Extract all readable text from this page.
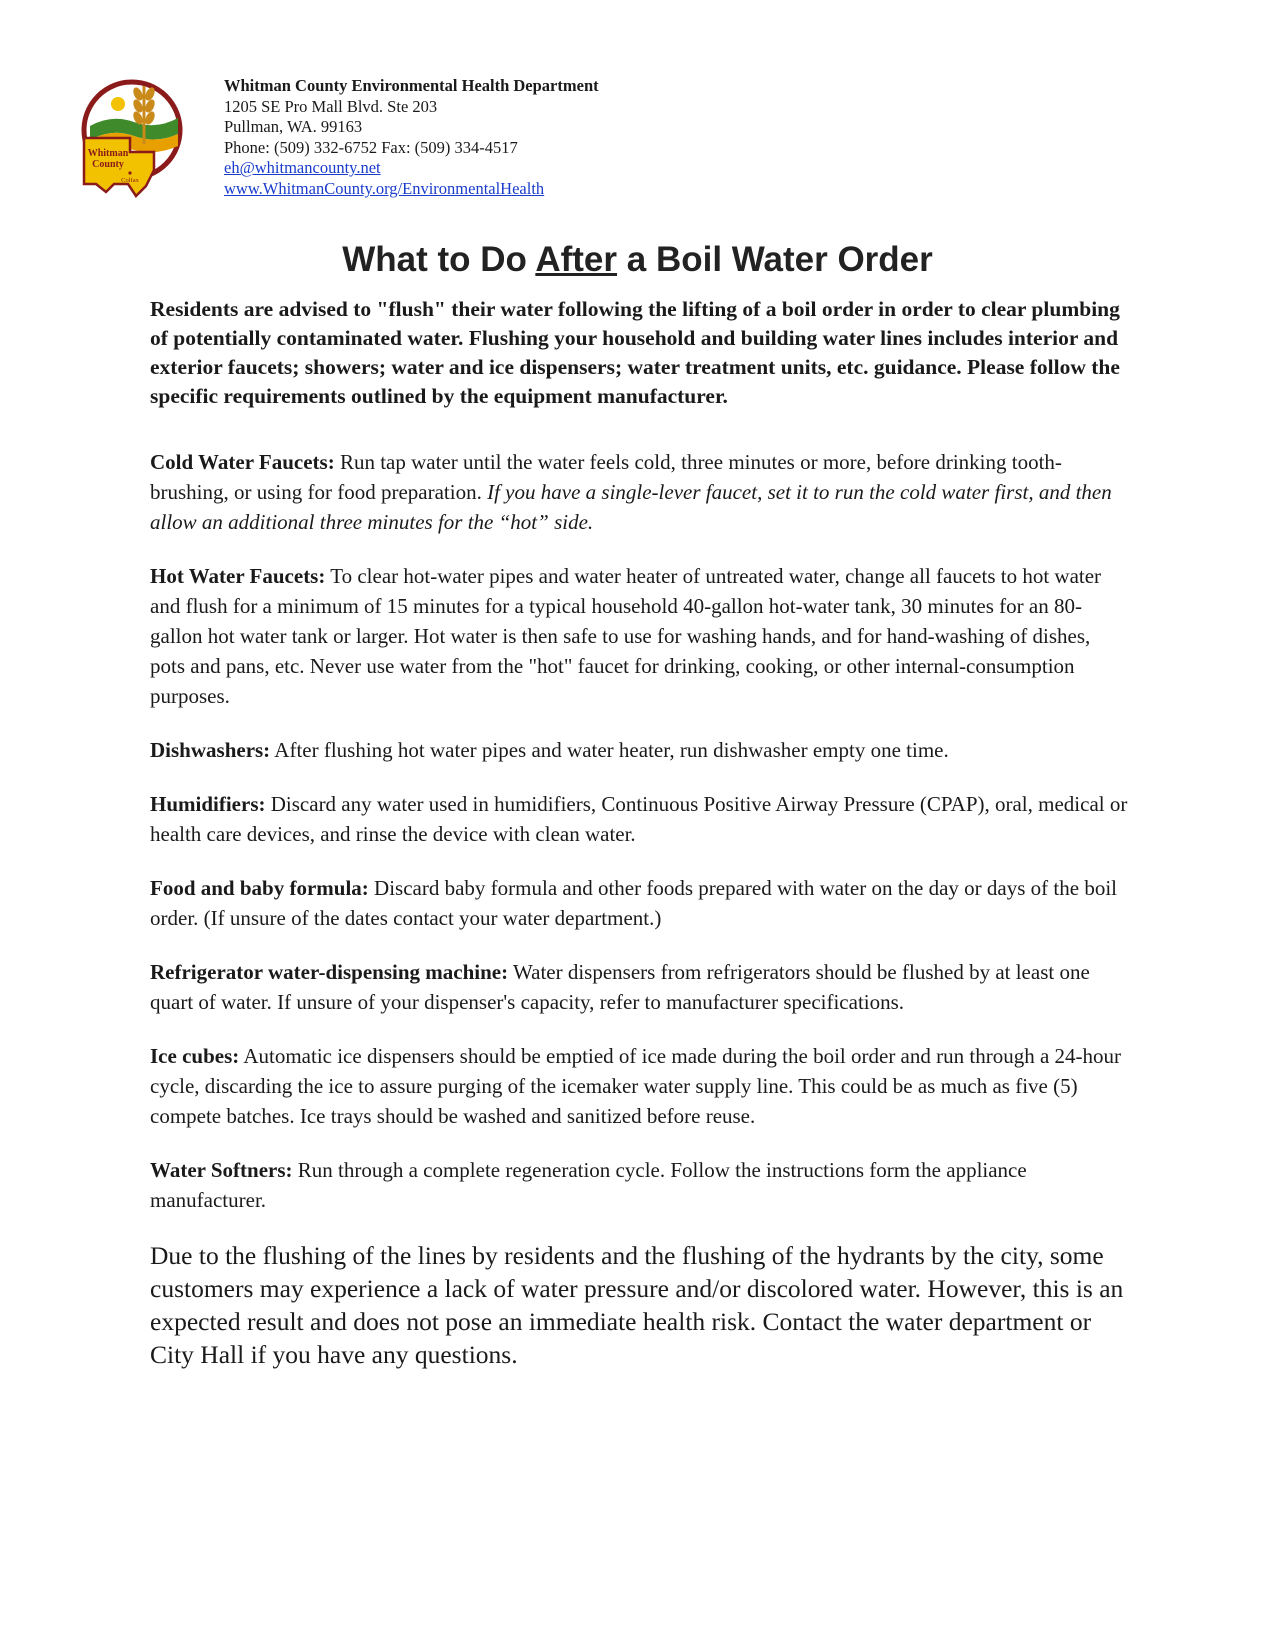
Whitman
County
Colfax
Whitman County Environmental Health Department
1205 SE Pro Mall Blvd. Ste 203
Pullman, WA. 99163
Phone: (509) 332-6752 Fax: (509) 334-4517
eh@whitmancounty.net
www.WhitmanCounty.org/EnvironmentalHealth
What to Do After a Boil Water Order

Residents are advised to "flush" their water following the lifting of a boil order in order to clear plumbing of potentially contaminated water. Flushing your household and building water lines includes interior and exterior faucets; showers; water and ice dispensers; water treatment units, etc. guidance. Please follow the specific requirements outlined by the equipment manufacturer.

Cold Water Faucets: Run tap water until the water feels cold, three minutes or more, before drinking tooth-brushing, or using for food preparation. If you have a single-lever faucet, set it to run the cold water first, and then allow an additional three minutes for the “hot” side.

Hot Water Faucets: To clear hot-water pipes and water heater of untreated water, change all faucets to hot water and flush for a minimum of 15 minutes for a typical household 40-gallon hot-water tank, 30 minutes for an 80-gallon hot water tank or larger. Hot water is then safe to use for washing hands, and for hand-washing of dishes, pots and pans, etc. Never use water from the "hot" faucet for drinking, cooking, or other internal-consumption purposes.

Dishwashers: After flushing hot water pipes and water heater, run dishwasher empty one time.

Humidifiers: Discard any water used in humidifiers, Continuous Positive Airway Pressure (CPAP), oral, medical or health care devices, and rinse the device with clean water.

Food and baby formula: Discard baby formula and other foods prepared with water on the day or days of the boil order. (If unsure of the dates contact your water department.)

Refrigerator water-dispensing machine: Water dispensers from refrigerators should be flushed by at least one quart of water. If unsure of your dispenser's capacity, refer to manufacturer specifications.

Ice cubes: Automatic ice dispensers should be emptied of ice made during the boil order and run through a 24-hour cycle, discarding the ice to assure purging of the icemaker water supply line. This could be as much as five (5) compete batches. Ice trays should be washed and sanitized before reuse.

Water Softners: Run through a complete regeneration cycle. Follow the instructions form the appliance manufacturer.

Due to the flushing of the lines by residents and the flushing of the hydrants by the city, some customers may experience a lack of water pressure and/or discolored water. However, this is an expected result and does not pose an immediate health risk. Contact the water department or City Hall if you have any questions.
